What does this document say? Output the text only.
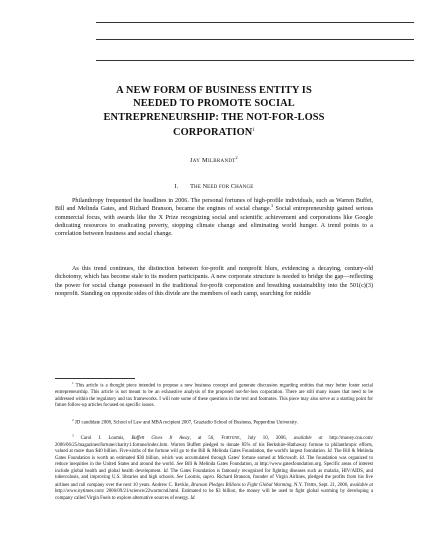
A NEW FORM OF BUSINESS ENTITY IS NEEDED TO PROMOTE SOCIAL ENTREPRENEURSHIP: THE NOT-FOR-LOSS CORPORATION$^1$
JAY MILBRANDT$^2$
I. THE NEED FOR CHANGE

Philanthropy frequented the headlines in 2006. The personal fortunes of high-profile individuals, such as Warren Buffet, Bill and Melinda Gates, and Richard Branson, became the engines of social change.$^3$ Social entrepreneurship gained serious commercial focus, with awards like the X Prize recognizing social and scientific achievement and corporations like Google dedicating resources to eradicating poverty, stopping climate change and eliminating world hunger. A trend points to a correlation between business and social change.

As this trend continues, the distinction between for-profit and nonprofit blurs, evidencing a decaying, century-old dichotomy, which has become stale to its modern participants. A new corporate structure is needed to bridge the gap—reflecting the power for social change possessed in the traditional for-profit corporation and breathing sustainability into the 501(c)(3) nonprofit. Standing on opposite sides of this divide are the members of each camp, searching for middle

$^1$ This article is a thought piece intended to propose a new business concept and generate discussion regarding entities that may better foster social entrepreneurship. This article is not meant to be an exhaustive analysis of the proposed not-for-loss corporation. There are still many issues that need to be addressed within the regulatory and tax frameworks. I will note some of these questions in the text and footnotes. This piece may also serve as a starting point for future follow-up articles focused on specific issues.

$^2$ JD candidate 2008, School of Law and MBA recipient 2007, Graziadio School of Business, Pepperdine University.

$^3$ Carol J. Loomis, Buffett Gives It Away, at 56, FORTUNE, July 10, 2006, available at http://money.cnn.com/ 2006/06/25/magazines/fortune/charity1.fortune/index.htm. Warren Buffett pledged to donate 85% of his Berkshire-Hathaway fortune to philanthropic efforts, valued at more than $40 billion. Five-sixths of the fortune will go to the Bill & Melinda Gates Foundation, the world's largest foundation. Id. The Bill & Melinda Gates Foundation is worth an estimated $30 billion, which was accumulated through Gates' fortune earned at Microsoft. Id. The foundation was organized to reduce inequities in the United States and around the world. See Bill & Melinda Gates Foundation, at http://www.gatesfoundation.org. Specific areas of interest include global health and global health development. Id. The Gates Foundation is famously recognized for fighting diseases such as malaria, HIV/AIDS, and tuberculosis, and improving U.S. libraries and high schools. See Loomis, supra. Richard Branson, founder of Virgin Airlines, pledged the profits from his five airlines and rail company over the next 10 years. Andrew C. Revkin, Branson Pledges Billions to Fight Global Warming, N.Y. TIMES, Sept. 21, 2006, available at http://www.nytimes.com/ 2006/09/21/science/22warmcnd.html. Estimated to be $3 billion, the money will be used to fight global warming by developing a company called Virgin Fuels to explore alternative sources of energy. Id.
